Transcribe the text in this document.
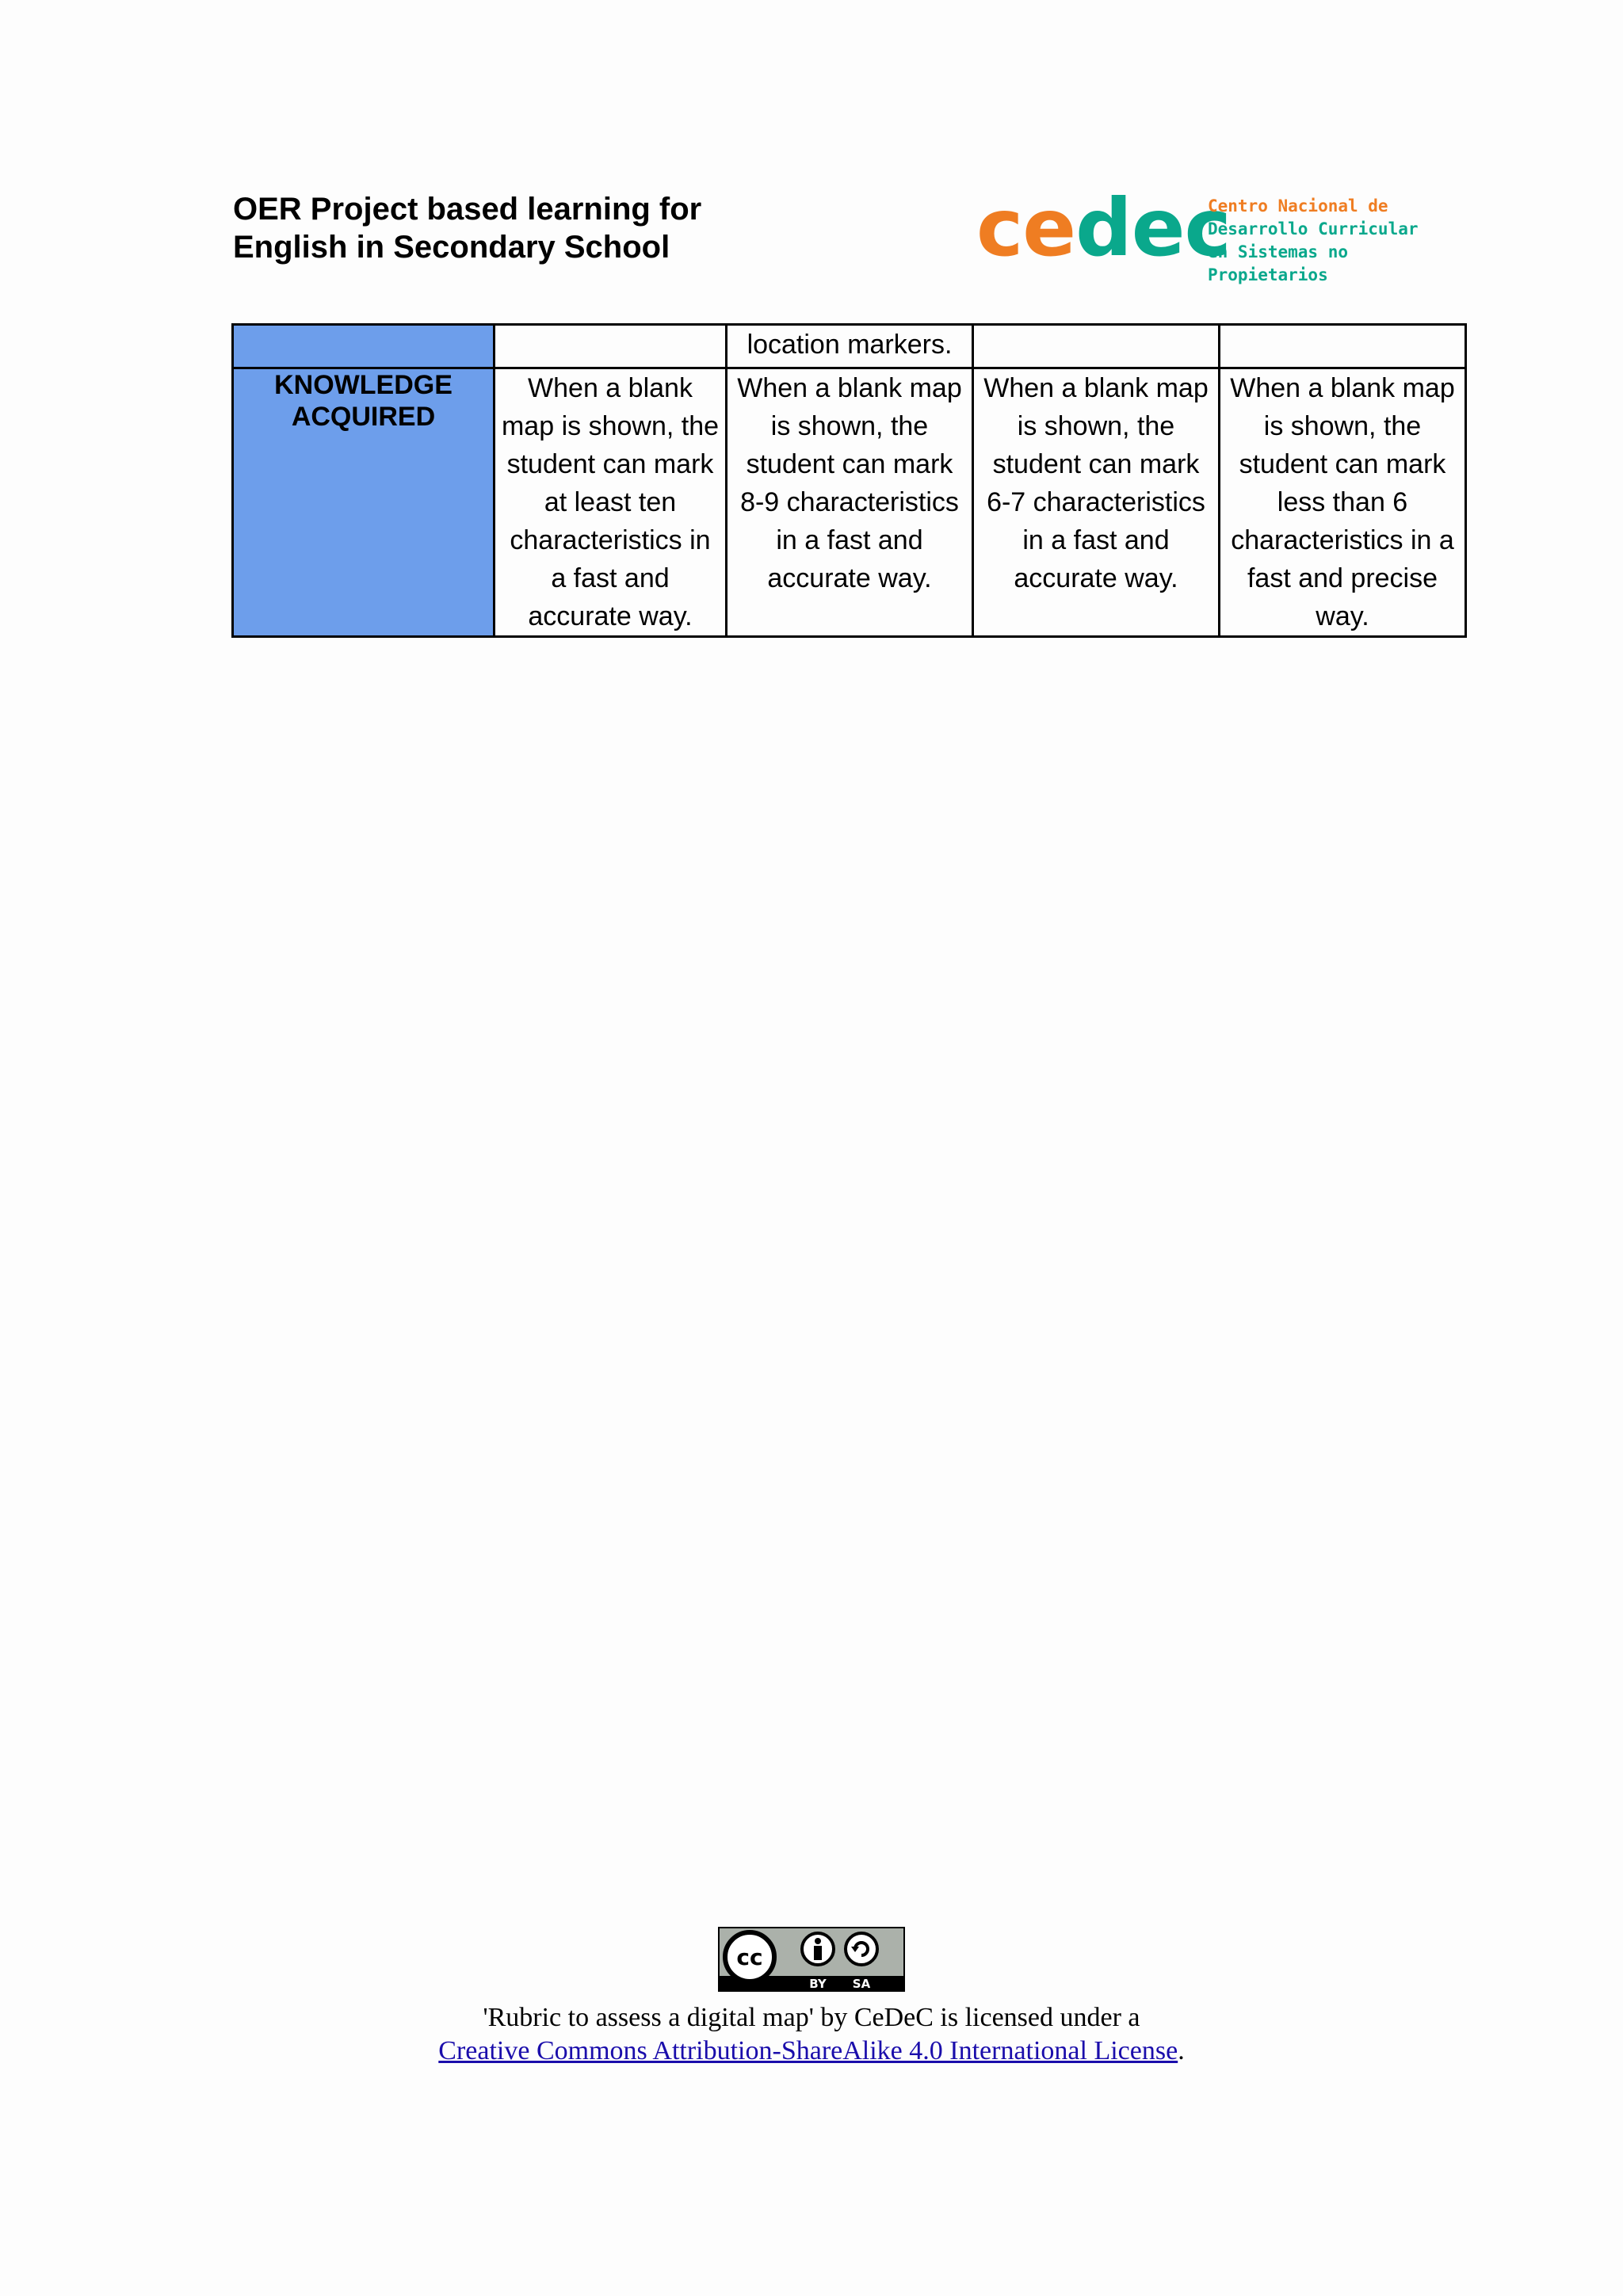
OER Project based learning for
English in Secondary School	cedec
Centro Nacional de
Desarrollo Curricular
en Sistemas no Propietarios
		location markers.		
KNOWLEDGE ACQUIRED	When a blank map is shown, the student can mark at least ten characteristics in a fast and accurate way.	When a blank map is shown, the student can mark 8-9 characteristics in a fast and accurate way.	When a blank map is shown, the student can mark 6-7 characteristics in a fast and accurate way.	When a blank map is shown, the student can mark less than 6 characteristics in a fast and precise way.
cc
BY SA

'Rubric to assess a digital map' by CeDeC is licensed under a
Creative Commons Attribution-ShareAlike 4.0 International License.
